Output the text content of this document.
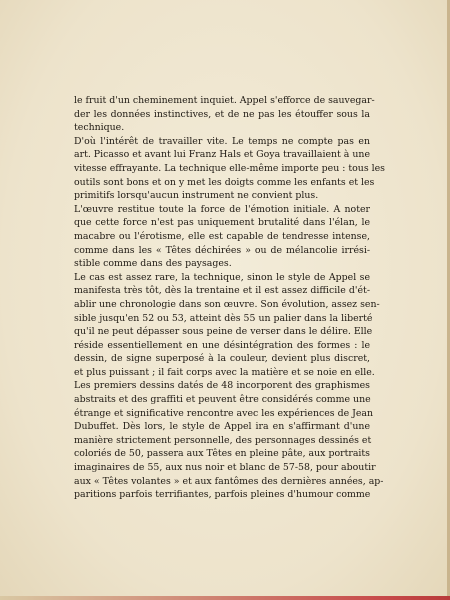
le fruit d'un cheminement inquiet. Appel s'efforce de sauvegar-
der les données instinctives, et de ne pas les étouffer sous la
technique.
D'où l'intérêt de travailler vite. Le temps ne compte pas en
art. Picasso et avant lui Franz Hals et Goya travaillaient à une
vitesse effrayante. La technique elle-même importe peu : tous les
outils sont bons et on y met les doigts comme les enfants et les
primitifs lorsqu'aucun instrument ne convient plus.
L'œuvre restitue toute la force de l'émotion initiale. A noter
que cette force n'est pas uniquement brutalité dans l'élan, le
macabre ou l'érotisme, elle est capable de tendresse intense,
comme dans les « Têtes déchirées » ou de mélancolie irrési-
stible comme dans des paysages.
Le cas est assez rare, la technique, sinon le style de Appel se
manifesta très tôt, dès la trentaine et il est assez difficile d'ét-
ablir une chronologie dans son œuvre. Son évolution, assez sen-
sible jusqu'en 52 ou 53, atteint dès 55 un palier dans la liberté
qu'il ne peut dépasser sous peine de verser dans le délire. Elle
réside essentiellement en une désintégration des formes : le
dessin, de signe superposé à la couleur, devient plus discret,
et plus puissant ; il fait corps avec la matière et se noie en elle.
Les premiers dessins datés de 48 incorporent des graphismes
abstraits et des graffiti et peuvent être considérés comme une
étrange et significative rencontre avec les expériences de Jean
Dubuffet. Dès lors, le style de Appel ira en s'affirmant d'une
manière strictement personnelle, des personnages dessinés et
coloriés de 50, passera aux Têtes en pleine pâte, aux portraits
imaginaires de 55, aux nus noir et blanc de 57-58, pour aboutir
aux « Têtes volantes » et aux fantômes des dernières années, ap-
paritions parfois terrifiantes, parfois pleines d'humour comme
